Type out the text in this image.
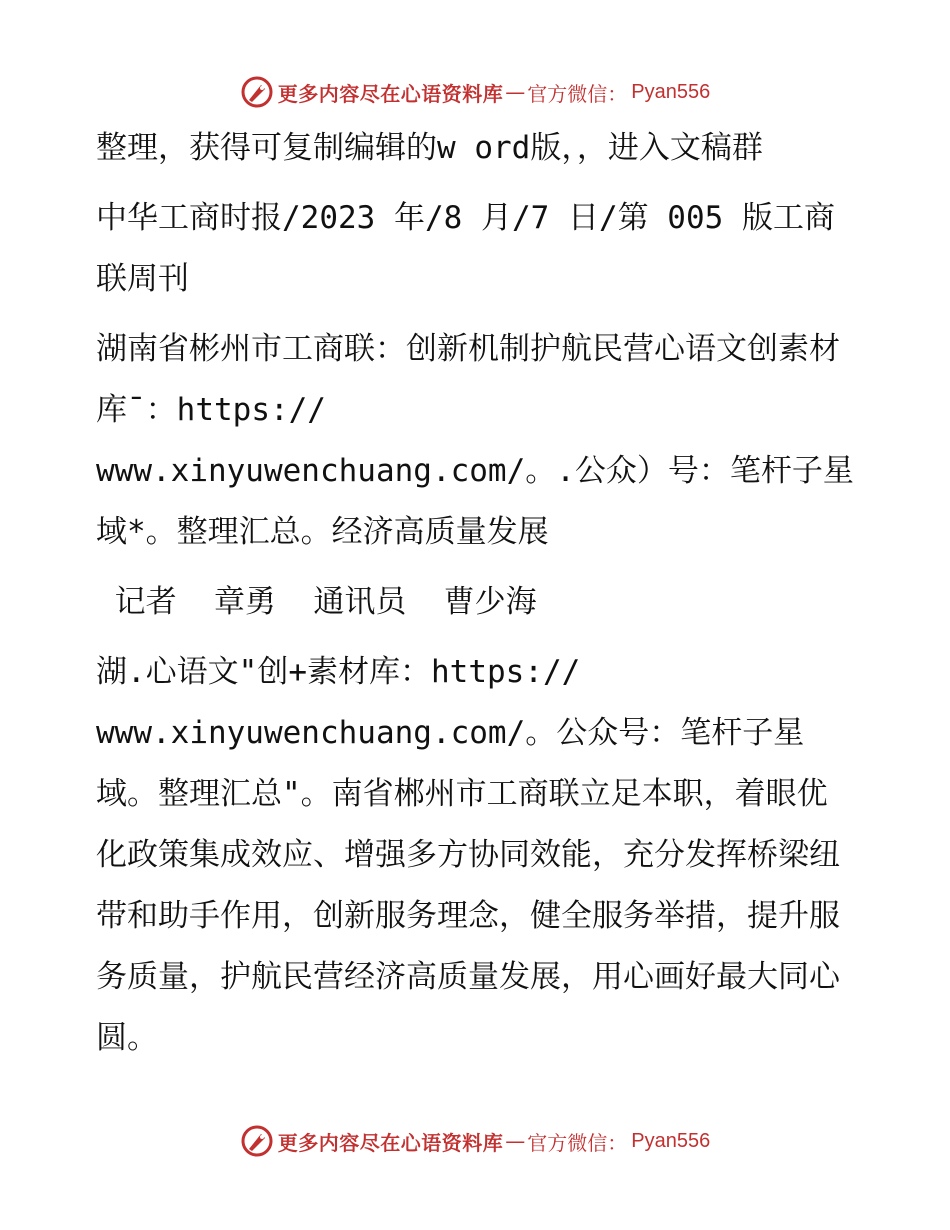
更多内容尽在心语资料库 — 官方微信： Pyan556

整理，获得可复制编辑的w ord版，，进入文稿群

中华工商时报/2023 年/8 月/7 日/第 005 版工商联周刊

湖南省彬州市工商联：创新机制护航民营心语文创素材库¯：https://

www.xinyuwenchuang.com/。.公众）号：笔杆子星域*。整理汇总。经济高质量发展

记者  章勇  通讯员  曹少海

湖.心语文"创+素材库：https://

www.xinyuwenchuang.com/。公众号：笔杆子星域。整理汇总"。南省郴州市工商联立足本职，着眼优化政策集成效应、增强多方协同效能，充分发挥桥梁纽带和助手作用，创新服务理念，健全服务举措，提升服务质量，护航民营经济高质量发展，用心画好最大同心圆。

更多内容尽在心语资料库 — 官方微信： Pyan556
